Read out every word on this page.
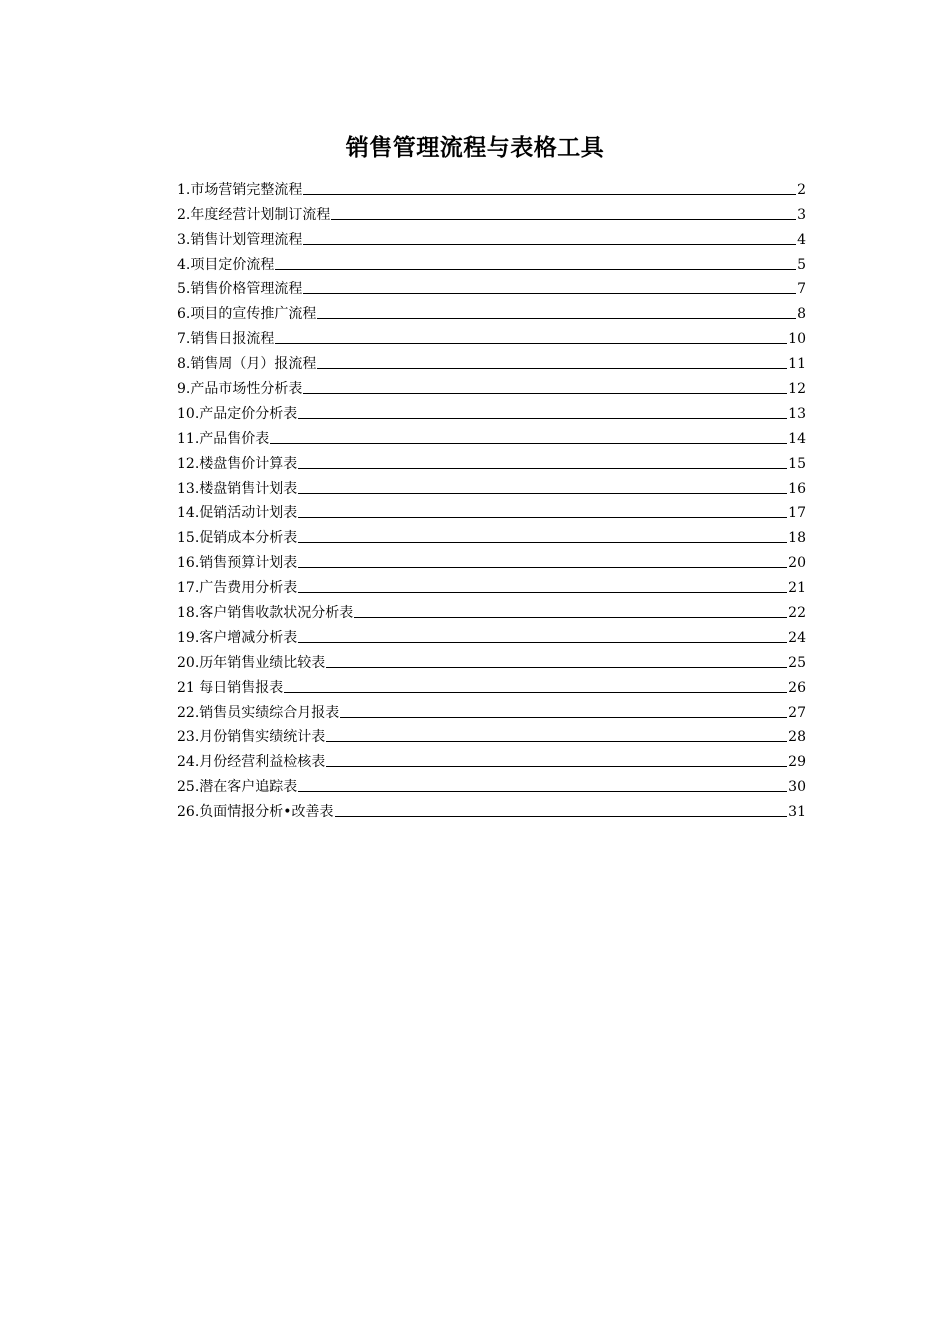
销售管理流程与表格工具
1.市场营销完整流程	2
2.年度经营计划制订流程	3
3.销售计划管理流程	4
4.项目定价流程	5
5.销售价格管理流程	7
6.项目的宣传推广流程	8
7.销售日报流程	10
8.销售周（月）报流程	11
9.产品市场性分析表	12
10.产品定价分析表	13
11.产品售价表	14
12.楼盘售价计算表	15
13.楼盘销售计划表	16
14.促销活动计划表	17
15.促销成本分析表	18
16.销售预算计划表	20
17.广告费用分析表	21
18.客户销售收款状况分析表	22
19.客户增减分析表	24
20.历年销售业绩比较表	25
21 每日销售报表	26
22.销售员实绩综合月报表	27
23.月份销售实绩统计表	28
24.月份经营利益检核表	29
25.潜在客户追踪表	30
26.负面情报分析•改善表	31
